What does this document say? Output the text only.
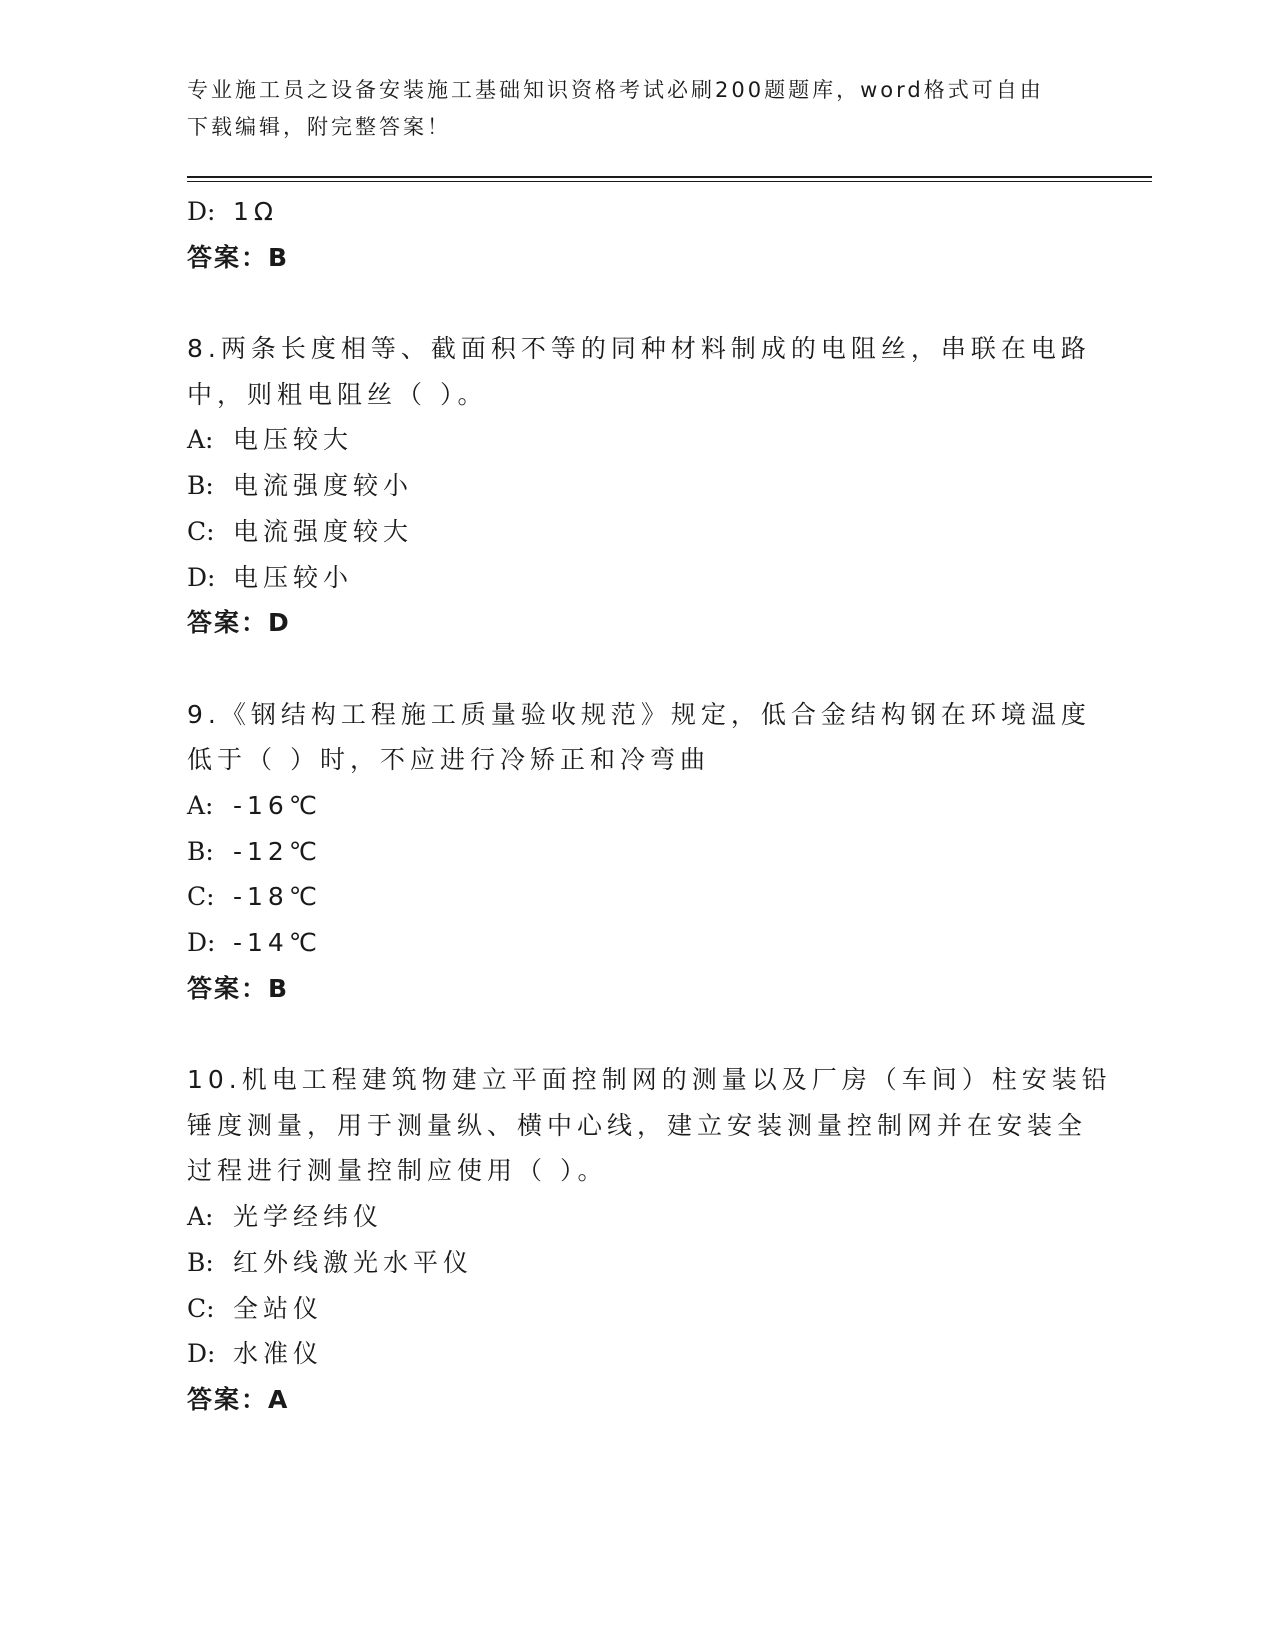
专业施工员之设备安装施工基础知识资格考试必刷200题题库，word格式可自由
下载编辑，附完整答案！
D: 1Ω
答案：B
8.两条长度相等、截面积不等的同种材料制成的电阻丝，串联在电路
中，则粗电阻丝（ ）。
A: 电压较大
B: 电流强度较小
C: 电流强度较大
D: 电压较小
答案：D
9.《钢结构工程施工质量验收规范》规定，低合金结构钢在环境温度
低于（ ）时，不应进行冷矫正和冷弯曲
A: -16℃
B: -12℃
C: -18℃
D: -14℃
答案：B
10.机电工程建筑物建立平面控制网的测量以及厂房（车间）柱安装铅
锤度测量，用于测量纵、横中心线，建立安装测量控制网并在安装全
过程进行测量控制应使用（ ）。
A: 光学经纬仪
B: 红外线激光水平仪
C: 全站仪
D: 水准仪
答案：A
